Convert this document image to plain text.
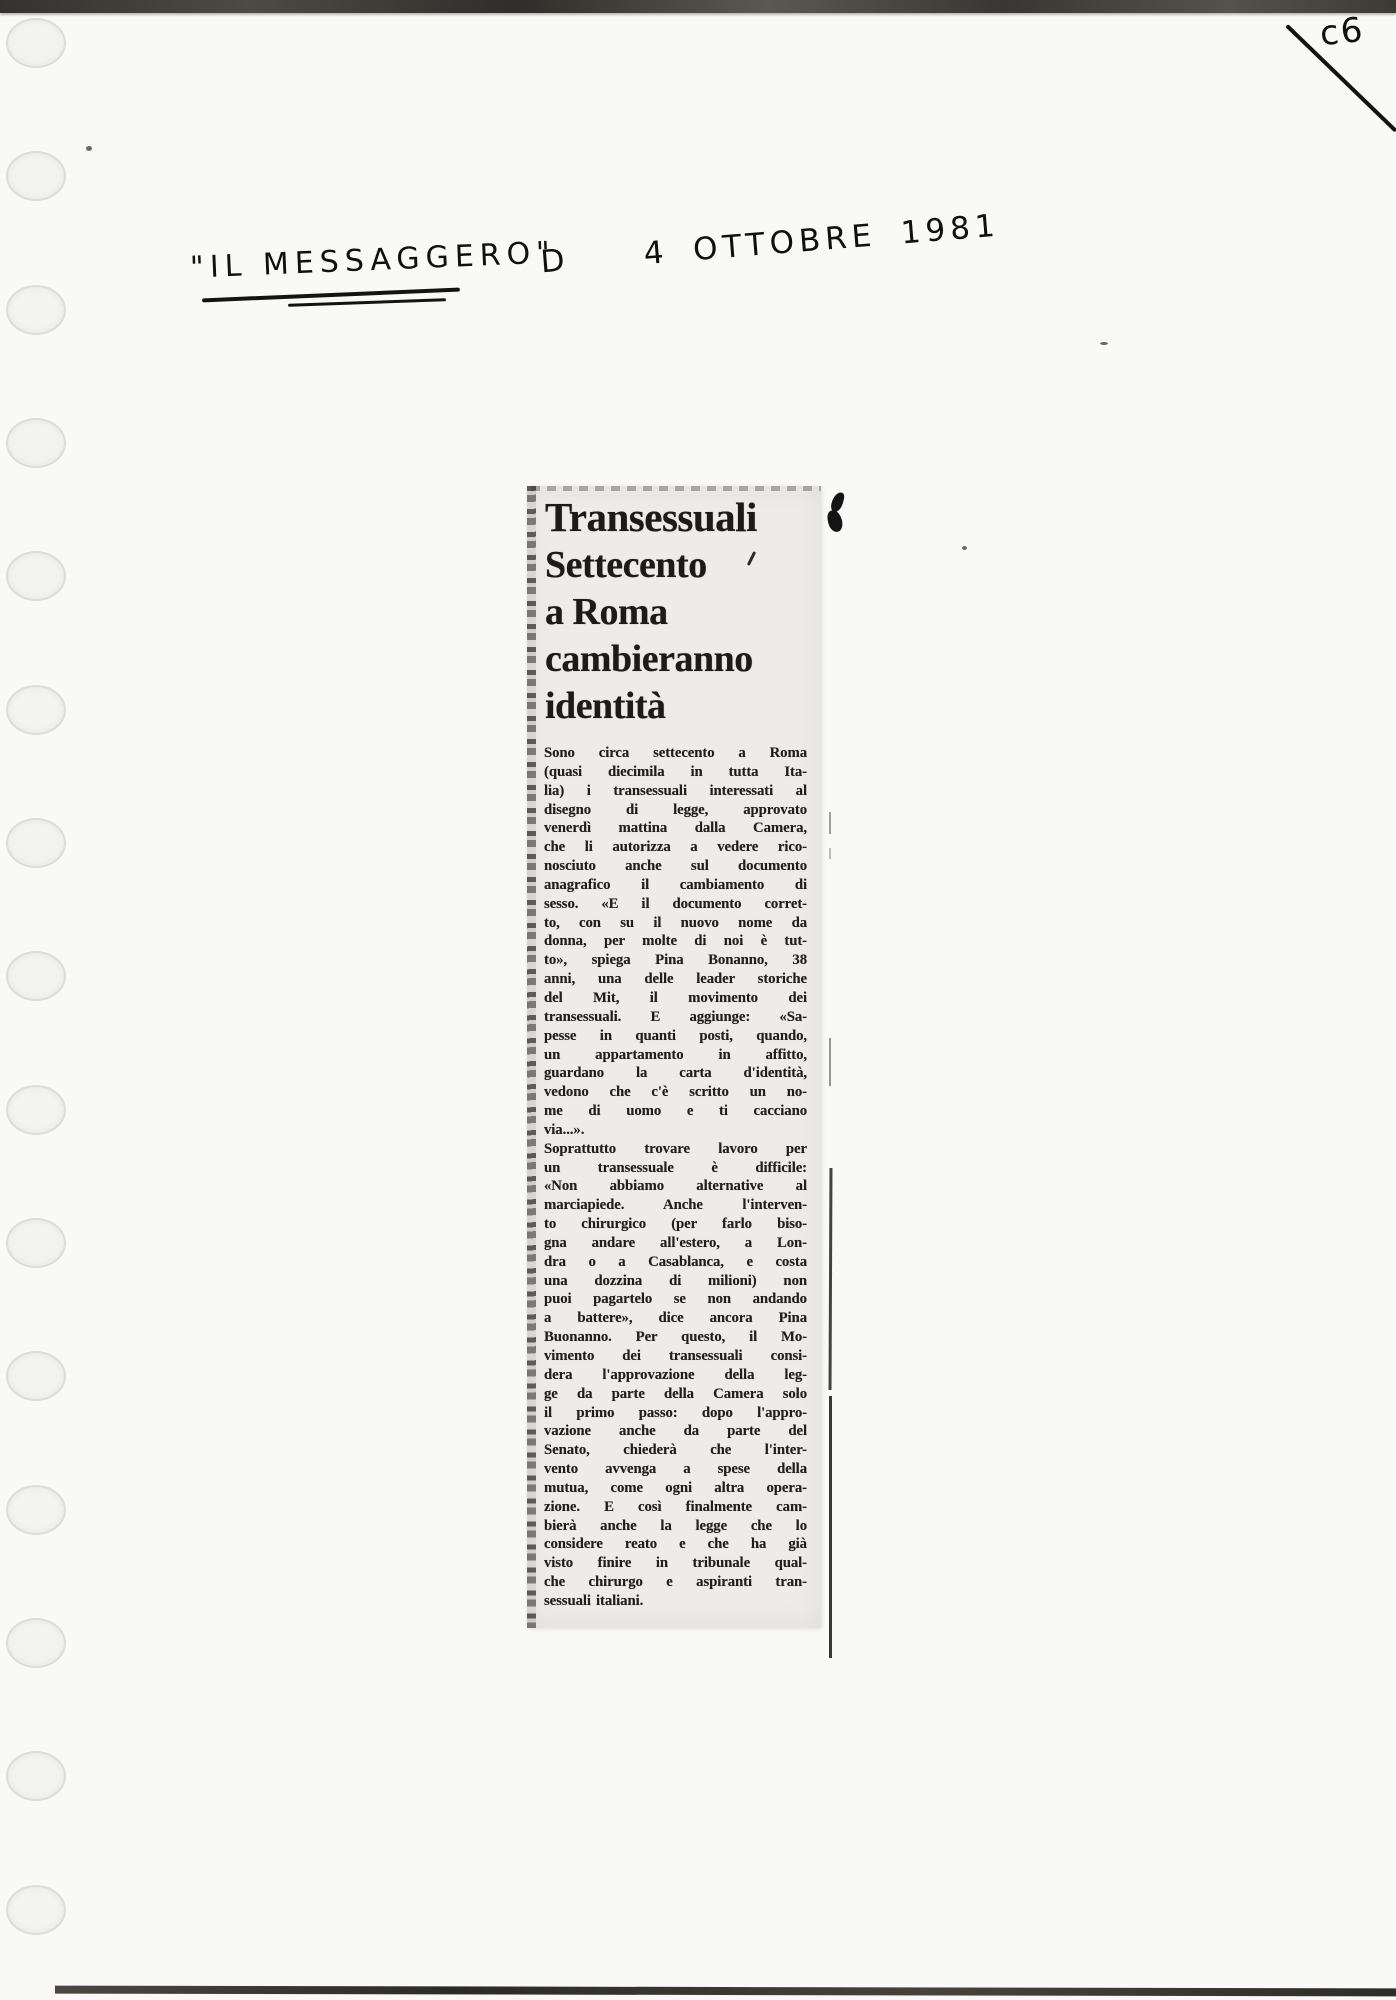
"IL MESSAGGERO"
D   4 OTTOBRE 1981
c6
Transessuali
Settecento
a Roma
cambieranno
identità
Sono circa settecento a Roma
(quasi diecimila in tutta Ita-
lia) i transessuali interessati al
disegno di legge, approvato
venerdì mattina dalla Camera,
che li autorizza a vedere rico-
nosciuto anche sul documento
anagrafico il cambiamento di
sesso. «E il documento corret-
to, con su il nuovo nome da
donna, per molte di noi è tut-
to», spiega Pina Bonanno, 38
anni, una delle leader storiche
del Mit, il movimento dei
transessuali. E aggiunge: «Sa-
pesse in quanti posti, quando,
un appartamento in affitto,
guardano la carta d'identità,
vedono che c'è scritto un no-
me di uomo e ti cacciano
via...».
Soprattutto trovare lavoro per
un transessuale è difficile:
«Non abbiamo alternative al
marciapiede. Anche l'interven-
to chirurgico (per farlo biso-
gna andare all'estero, a Lon-
dra o a Casablanca, e costa
una dozzina di milioni) non
puoi pagartelo se non andando
a battere», dice ancora Pina
Buonanno. Per questo, il Mo-
vimento dei transessuali consi-
dera l'approvazione della leg-
ge da parte della Camera solo
il primo passo: dopo l'appro-
vazione anche da parte del
Senato, chiederà che l'inter-
vento avvenga a spese della
mutua, come ogni altra opera-
zione. E così finalmente cam-
bierà anche la legge che lo
considere reato e che ha già
visto finire in tribunale qual-
che chirurgo e aspiranti tran-
sessuali italiani.
